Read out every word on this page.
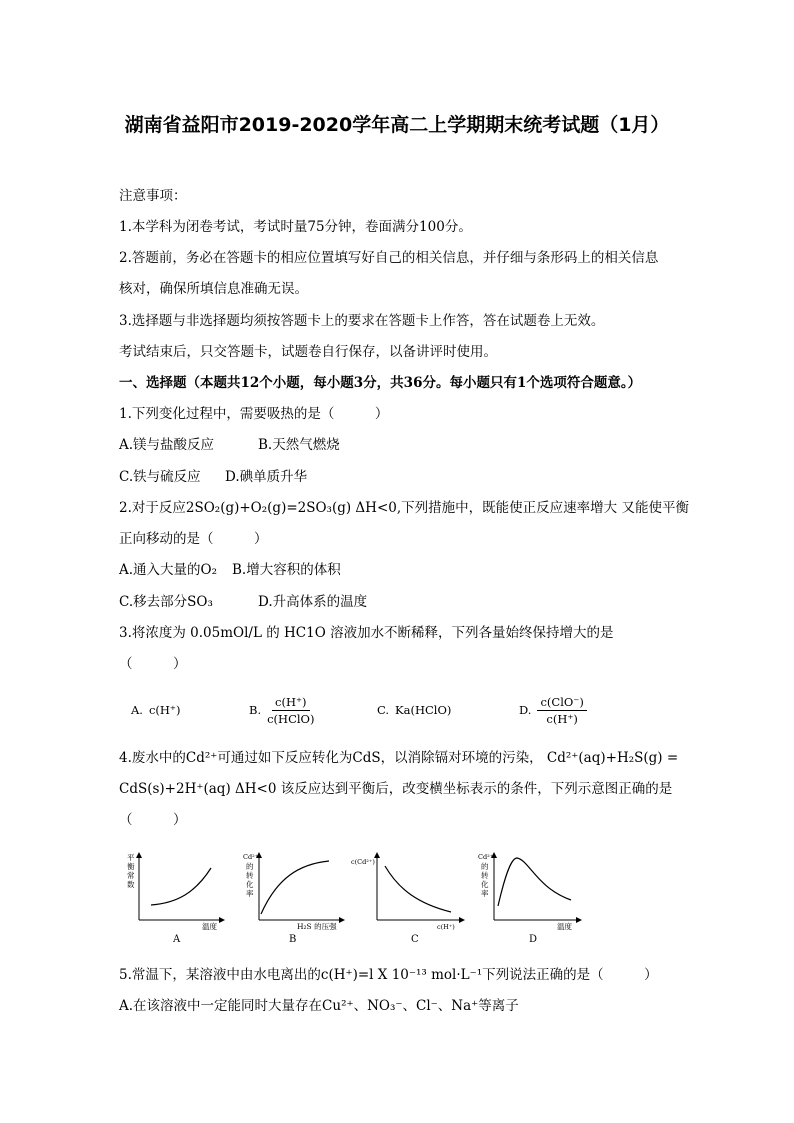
湖南省益阳市2019-2020学年高二上学期期末统考试题（1月）
注意事项：
1.本学科为闭卷考试，考试时量75分钟，卷面满分100分。
2.答题前，务必在答题卡的相应位置填写好自己的相关信息，并仔细与条形码上的相关信息
核对，确保所填信息准确无误。
3.选择题与非选择题均须按答题卡上的要求在答题卡上作答，答在试题卷上无效。
考试结束后，只交答题卡，试题卷自行保存，以备讲评时使用。
一、选择题（本题共12个小题，每小题3分，共36分。每小题只有1个选项符合题意。）
1.下列变化过程中，需要吸热的是（　　　）
A.镁与盐酸反应	B.天然气燃烧
C.铁与硫反应 D.碘单质升华
2.对于反应2SO₂(g)+O₂(g)=2SO₃(g) ΔH<0,下列措施中，既能使正反应速率增大 又能使平衡
正向移动的是（　　　）
A.通入大量的O₂ B.增大容积的体积
C.移去部分SO₃	D.升高体系的温度
3.将浓度为 0.05mOl/L 的 HC1O 溶液加水不断稀释，下列各量始终保持增大的是
（　　　）
A. c(H⁺)	B. $\frac{c(H^+)}{\text{c(HClO)}}$	C. Ka(HClO)	D. $\frac{\text{c(ClO⁻)}}{c(H^+)}$
4.废水中的Cd²⁺可通过如下反应转化为CdS，以消除镉对环境的污染， Cd²⁺(aq)+H₂S(g) =
CdS(s)+2H⁺(aq) ΔH<0 该反应达到平衡后，改变横坐标表示的条件，下列示意图正确的是
（　　　）
平
衡
常
数
温度
A
Cd²⁺
的
转
化
率
H₂S 的压强
B
c(Cd²⁺)
c(H⁺)
C
Cd²⁺
的
转
化
率
温度
D
5.常温下，某溶液中由水电离出的c(H⁺)=l X 10⁻¹³ mol·L⁻¹下列说法正确的是（　　　）
A.在该溶液中一定能同时大量存在Cu²⁺、NO₃⁻、Cl⁻、Na⁺等离子
